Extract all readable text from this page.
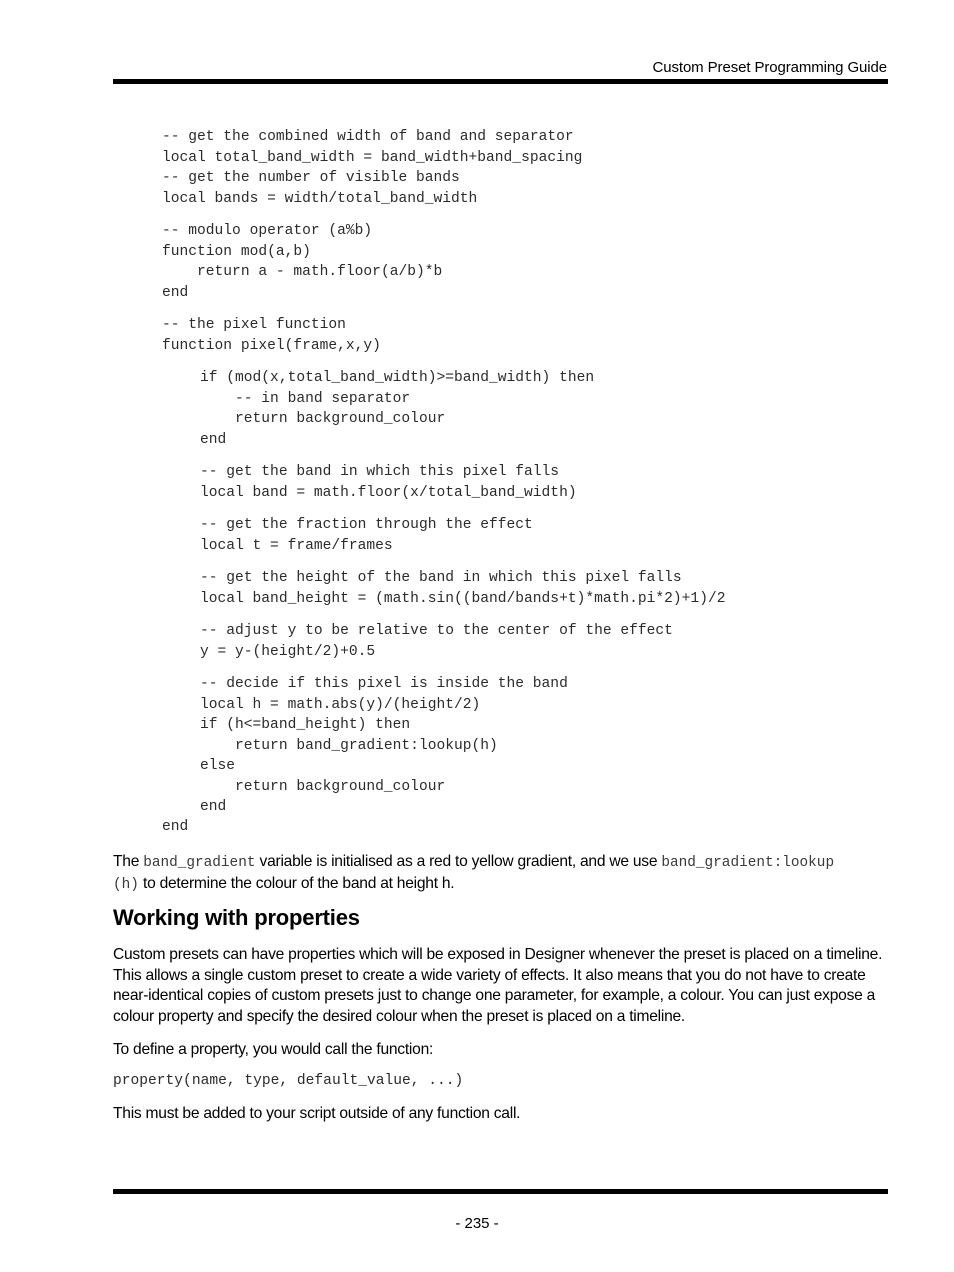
Custom Preset Programming Guide
-- get the combined width of band and separator
local total_band_width = band_width+band_spacing
-- get the number of visible bands
local bands = width/total_band_width
-- modulo operator (a%b)
function mod(a,b)
return a - math.floor(a/b)*b
end
-- the pixel function
function pixel(frame,x,y)
if (mod(x,total_band_width)>=band_width) then
-- in band separator
return background_colour
end
-- get the band in which this pixel falls
local band = math.floor(x/total_band_width)
-- get the fraction through the effect
local t = frame/frames
-- get the height of the band in which this pixel falls
local band_height = (math.sin((band/bands+t)*math.pi*2)+1)/2
-- adjust y to be relative to the center of the effect
y = y-(height/2)+0.5
-- decide if this pixel is inside the band
local h = math.abs(y)/(height/2)
if (h<=band_height) then
return band_gradient:lookup(h)
else
return background_colour
end
end
The band_gradient variable is initialised as a red to yellow gradient, and we use band_gradient:lookup
(h) to determine the colour of the band at height h.
Working with properties
Custom presets can have properties which will be exposed in Designer whenever the preset is placed on a timeline. This allows a single custom preset to create a wide variety of effects. It also means that you do not have to create near-identical copies of custom presets just to change one parameter, for example, a colour. You can just expose a colour property and specify the desired colour when the preset is placed on a timeline.
To define a property, you would call the function:
property(name, type, default_value, ...)
This must be added to your script outside of any function call.
- 235 -
